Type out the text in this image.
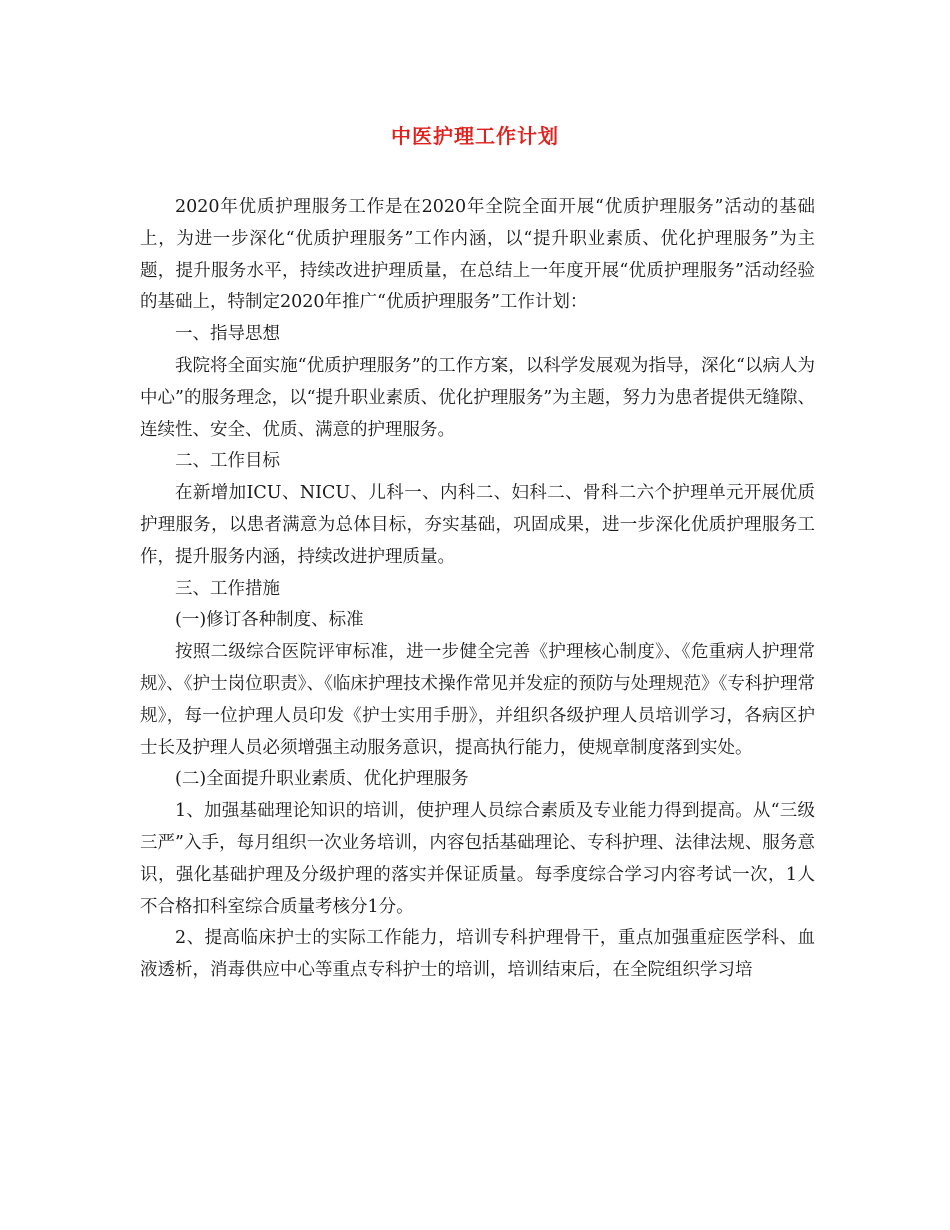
中医护理工作计划

2020年优质护理服务工作是在2020年全院全面开展“优质护理服务”活动的基础上，为进一步深化“优质护理服务”工作内涵，以“提升职业素质、优化护理服务”为主题，提升服务水平，持续改进护理质量，在总结上一年度开展“优质护理服务”活动经验的基础上，特制定2020年推广“优质护理服务”工作计划：

一、指导思想

我院将全面实施“优质护理服务”的工作方案，以科学发展观为指导，深化“以病人为中心”的服务理念，以“提升职业素质、优化护理服务”为主题，努力为患者提供无缝隙、连续性、安全、优质、满意的护理服务。

二、工作目标

在新增加ICU、NICU、儿科一、内科二、妇科二、骨科二六个护理单元开展优质护理服务，以患者满意为总体目标，夯实基础，巩固成果，进一步深化优质护理服务工作，提升服务内涵，持续改进护理质量。

三、工作措施

(一)修订各种制度、标准

按照二级综合医院评审标准，进一步健全完善《护理核心制度》、《危重病人护理常规》、《护士岗位职责》、《临床护理技术操作常见并发症的预防与处理规范》《专科护理常规》，每一位护理人员印发《护士实用手册》，并组织各级护理人员培训学习，各病区护士长及护理人员必须增强主动服务意识，提高执行能力，使规章制度落到实处。

(二)全面提升职业素质、优化护理服务

1、加强基础理论知识的培训，使护理人员综合素质及专业能力得到提高。从“三级三严”入手，每月组织一次业务培训，内容包括基础理论、专科护理、法律法规、服务意识，强化基础护理及分级护理的落实并保证质量。每季度综合学习内容考试一次，1人不合格扣科室综合质量考核分1分。

2、提高临床护士的实际工作能力，培训专科护理骨干，重点加强重症医学科、血液透析，消毒供应中心等重点专科护士的培训，培训结束后，在全院组织学习培
